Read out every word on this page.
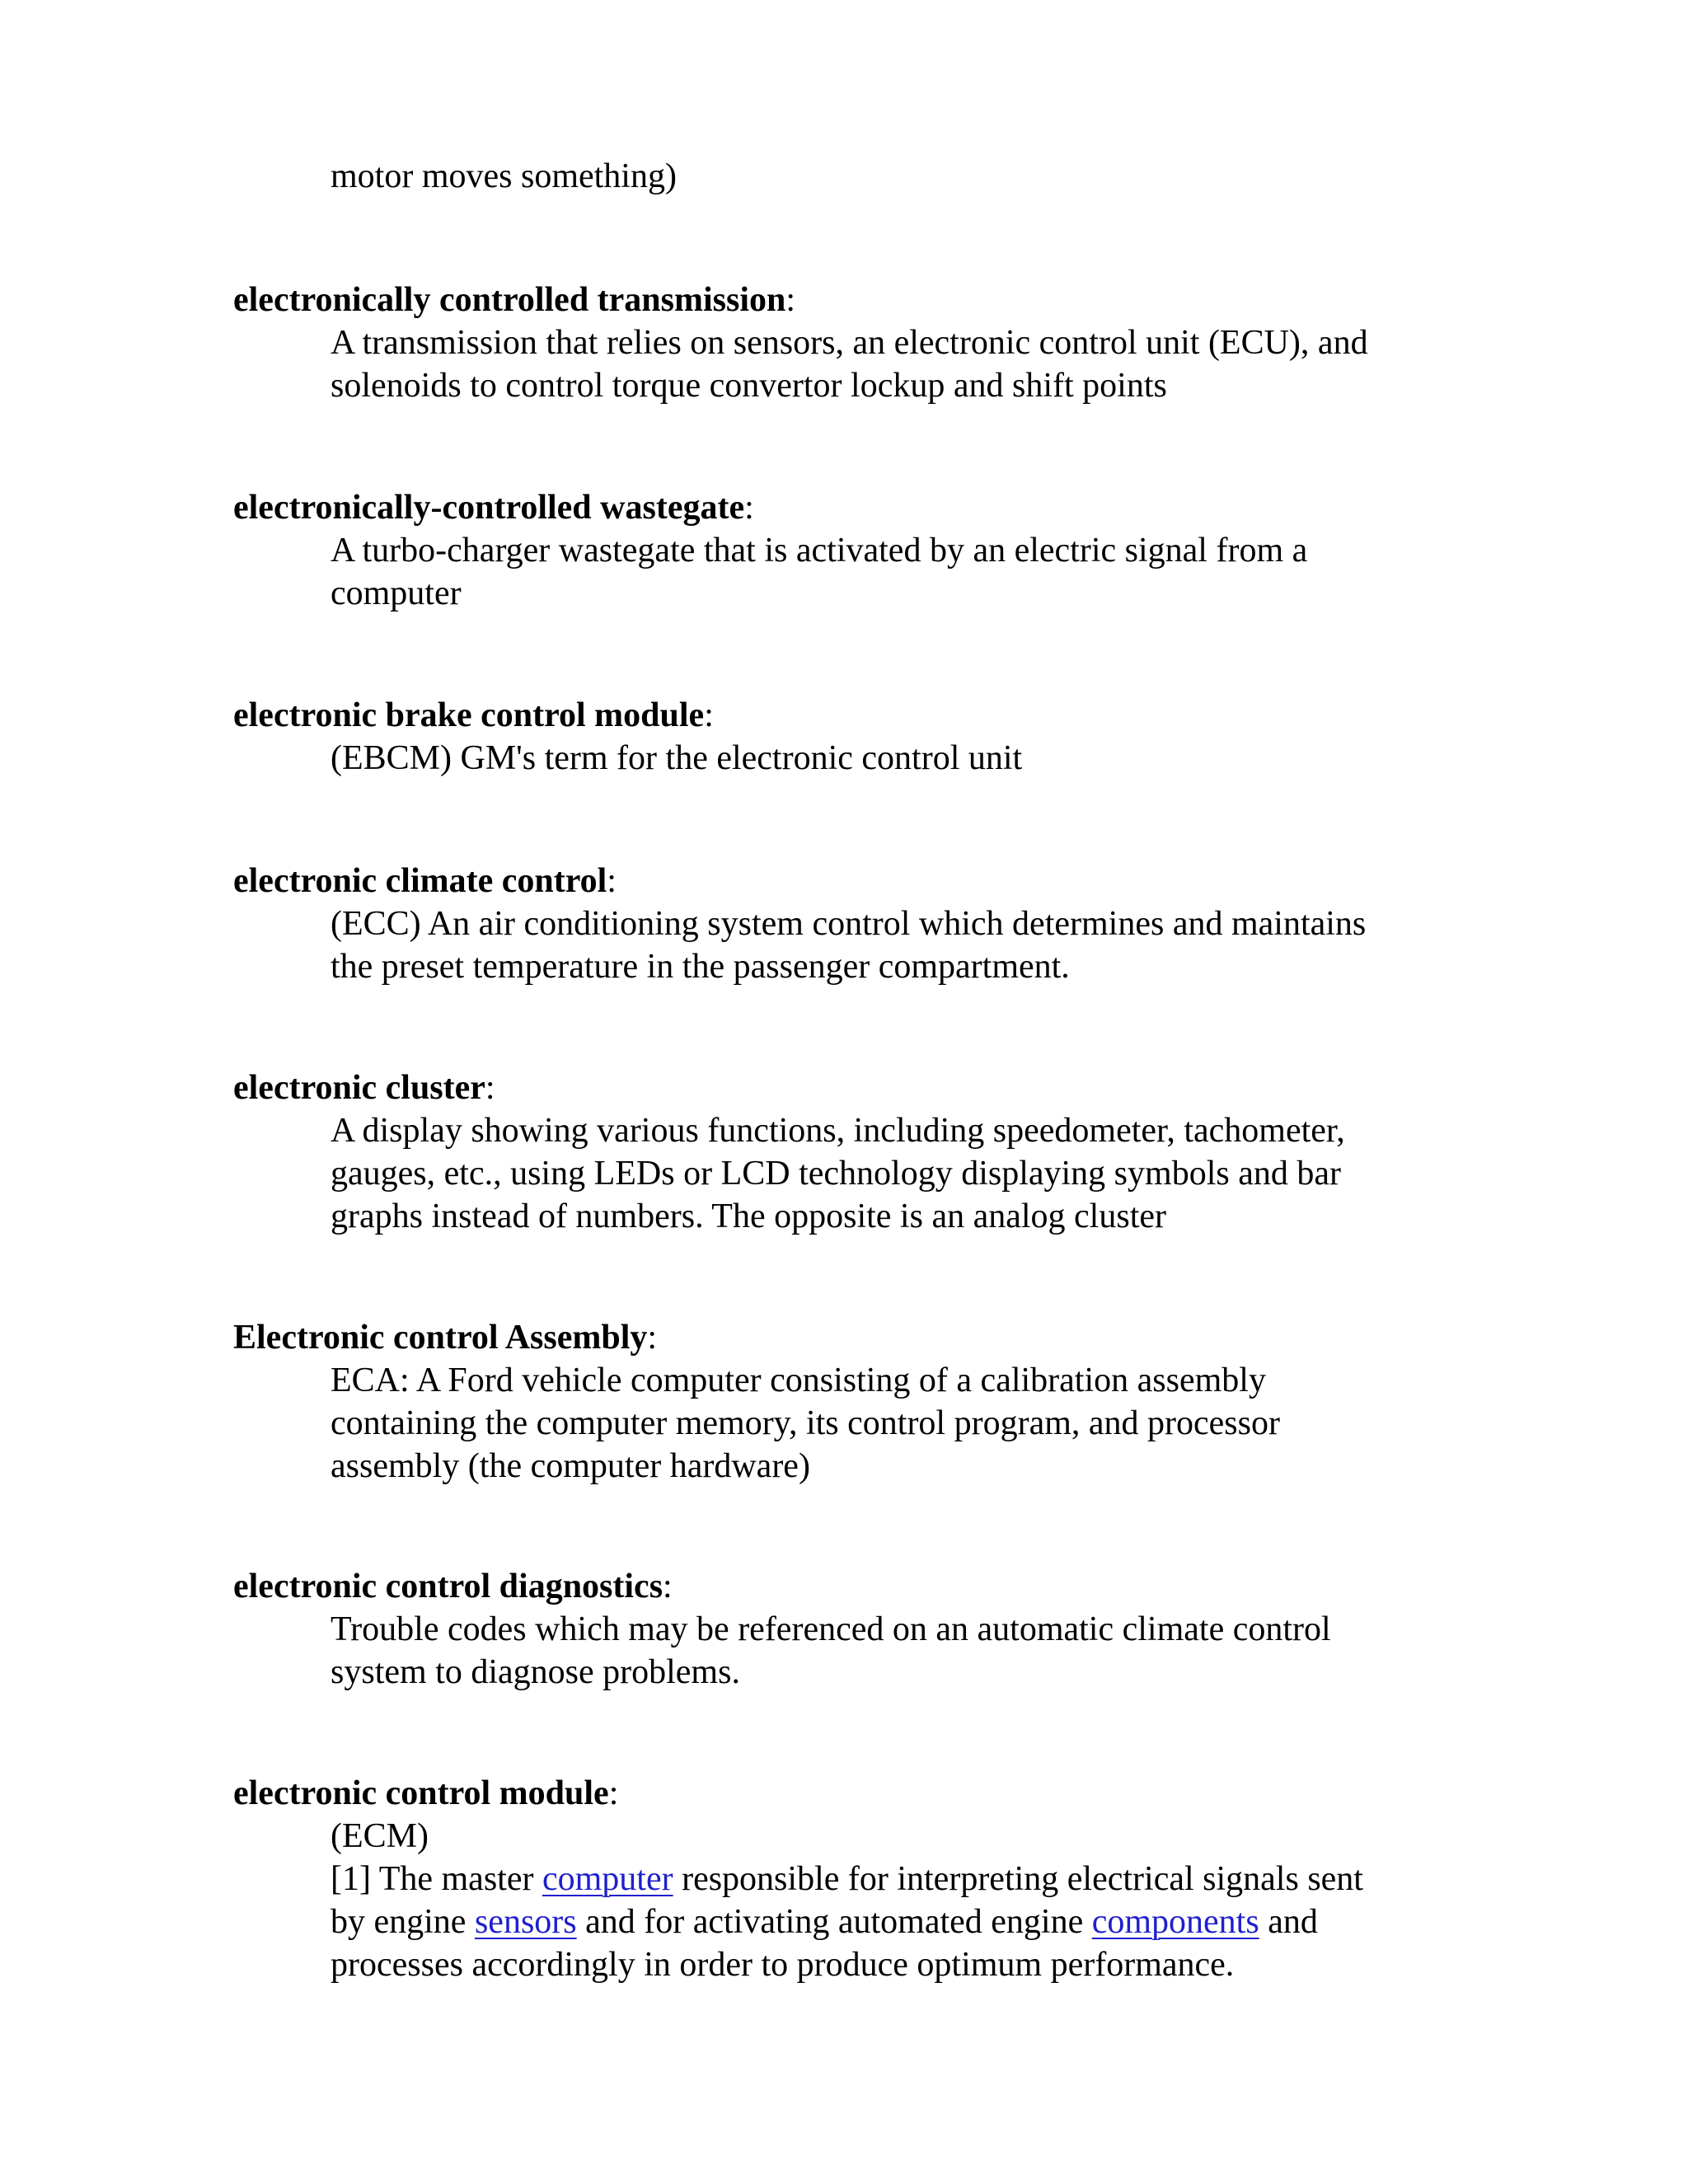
motor moves something)
electronically controlled transmission:
A transmission that relies on sensors, an electronic control unit (ECU), and
solenoids to control torque convertor lockup and shift points
electronically-controlled wastegate:
A turbo-charger wastegate that is activated by an electric signal from a
computer
electronic brake control module:
(EBCM) GM's term for the electronic control unit
electronic climate control:
(ECC) An air conditioning system control which determines and maintains
the preset temperature in the passenger compartment.
electronic cluster:
A display showing various functions, including speedometer, tachometer,
gauges, etc., using LEDs or LCD technology displaying symbols and bar
graphs instead of numbers. The opposite is an analog cluster
Electronic control Assembly:
ECA: A Ford vehicle computer consisting of a calibration assembly
containing the computer memory, its control program, and processor
assembly (the computer hardware)
electronic control diagnostics:
Trouble codes which may be referenced on an automatic climate control
system to diagnose problems.
electronic control module:
(ECM)
[1] The master computer responsible for interpreting electrical signals sent
by engine sensors and for activating automated engine components and
processes accordingly in order to produce optimum performance.
